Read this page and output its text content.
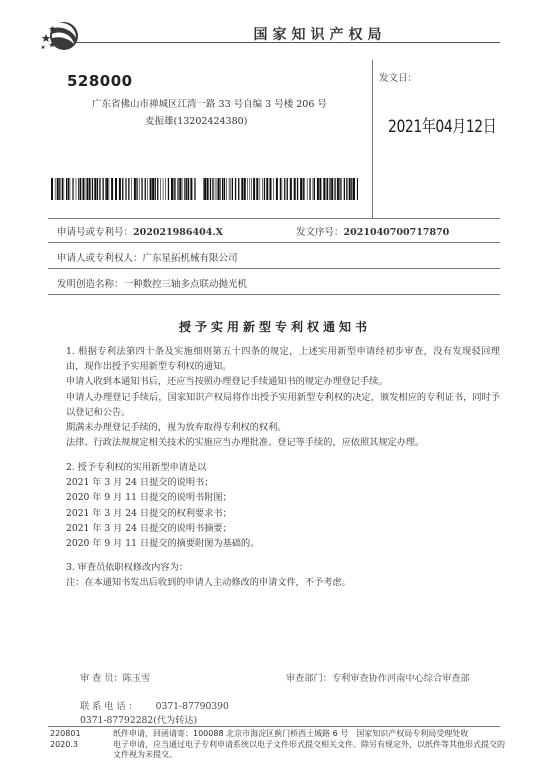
国家知识产权局
528000
广东省佛山市禅城区江湾一路 33 号自编 3 号楼 206 号
麦振雄(13202424380)
发文日：
2021年04月12日
申请号或专利号：202021986404.X	发文序号：2021040700717870
申请人或专利权人：广东星拓机械有限公司
发明创造名称：一种数控三轴多点联动抛光机
授予实用新型专利权通知书

1. 根据专利法第四十条及实施细则第五十四条的规定，上述实用新型申请经初步审查，没有发现驳回理由，现作出授予实用新型专利权的通知。

申请人收到本通知书后，还应当按照办理登记手续通知书的规定办理登记手续。

申请人办理登记手续后，国家知识产权局将作出授予实用新型专利权的决定，颁发相应的专利证书，同时予以登记和公告。

期满未办理登记手续的，视为放弃取得专利权的权利。

法律、行政法规规定相关技术的实施应当办理批准、登记等手续的，应依照其规定办理。

2. 授予专利权的实用新型申请是以

2021 年 3 月 24 日提交的说明书；

2020 年 9 月 11 日提交的说明书附图；

2021 年 3 月 24 日提交的权利要求书；

2021 年 3 月 24 日提交的说明书摘要；

2020 年 9 月 11 日提交的摘要附图为基础的。

3. 审查员依职权修改内容为：

注：在本通知书发出后收到的申请人主动修改的申请文件，不予考虑。

审 查 员：陈玉雪	审查部门：专利审查协作河南中心综合审查部
联 系 电 话 ： 0371-87790390
0371-87792282(代为转达)
220801
2020.3
纸件申请，回函请寄：100088 北京市海淀区蓟门桥西土城路 6 号　国家知识产权局专利局受理处收
电子申请，应当通过电子专利申请系统以电子文件形式提交相关文件。除另有规定外，以纸件等其他形式提交的
文件视为未提交。
